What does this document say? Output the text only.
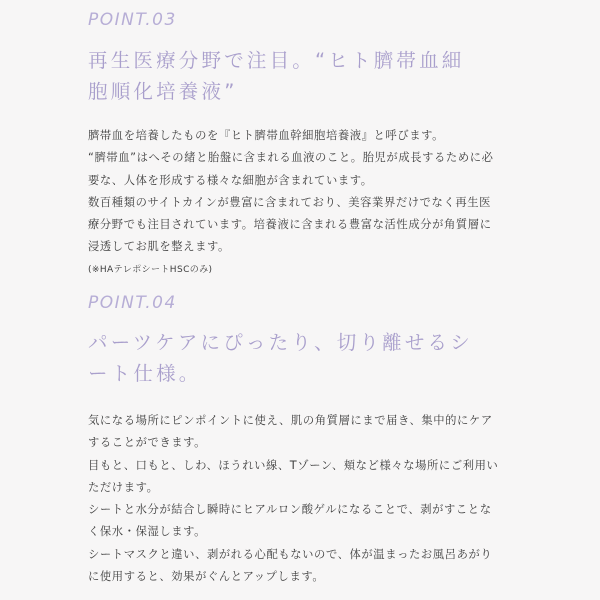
POINT.03

再生医療分野で注目。“ヒト臍帯血細
胞順化培養液”
臍帯血を培養したものを『ヒト臍帯血幹細胞培養液』と呼びます。
“臍帯血”はへその緒と胎盤に含まれる血液のこと。胎児が成長するために必
要な、人体を形成する様々な細胞が含まれています。
数百種類のサイトカインが豊富に含まれており、美容業界だけでなく再生医
療分野でも注目されています。培養液に含まれる豊富な活性成分が角質層に
浸透してお肌を整えます。
(※HAテレポシートHSCのみ)

POINT.04

パーツケアにぴったり、切り離せるシ
ート仕様。
気になる場所にピンポイントに使え、肌の角質層にまで届き、集中的にケア
することができます。
目もと、口もと、しわ、ほうれい線、Tゾーン、頬など様々な場所にご利用い
ただけます。
シートと水分が結合し瞬時にヒアルロン酸ゲルになることで、剥がすことな
く保水・保湿します。
シートマスクと違い、剥がれる心配もないので、体が温まったお風呂あがり
に使用すると、効果がぐんとアップします。
